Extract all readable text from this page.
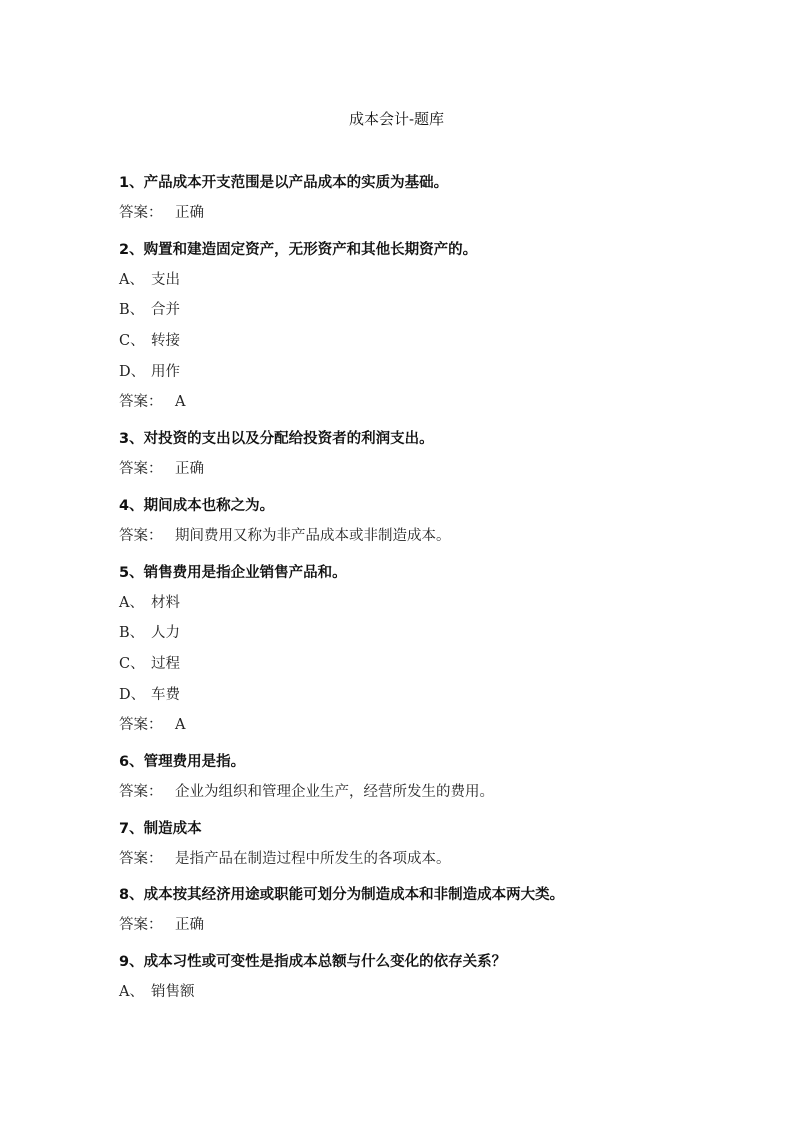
成本会计-题库
1、产品成本开支范围是以产品成本的实质为基础。
答案： 正确
2、购置和建造固定资产，无形资产和其他长期资产的。
A、 支出
B、 合并
C、 转接
D、 用作
答案： A
3、对投资的支出以及分配给投资者的利润支出。
答案： 正确
4、期间成本也称之为。
答案： 期间费用又称为非产品成本或非制造成本。
5、销售费用是指企业销售产品和。
A、 材料
B、 人力
C、 过程
D、 车费
答案： A
6、管理费用是指。
答案： 企业为组织和管理企业生产，经营所发生的费用。
7、制造成本
答案： 是指产品在制造过程中所发生的各项成本。
8、成本按其经济用途或职能可划分为制造成本和非制造成本两大类。
答案： 正确
9、成本习性或可变性是指成本总额与什么变化的依存关系？
A、 销售额
